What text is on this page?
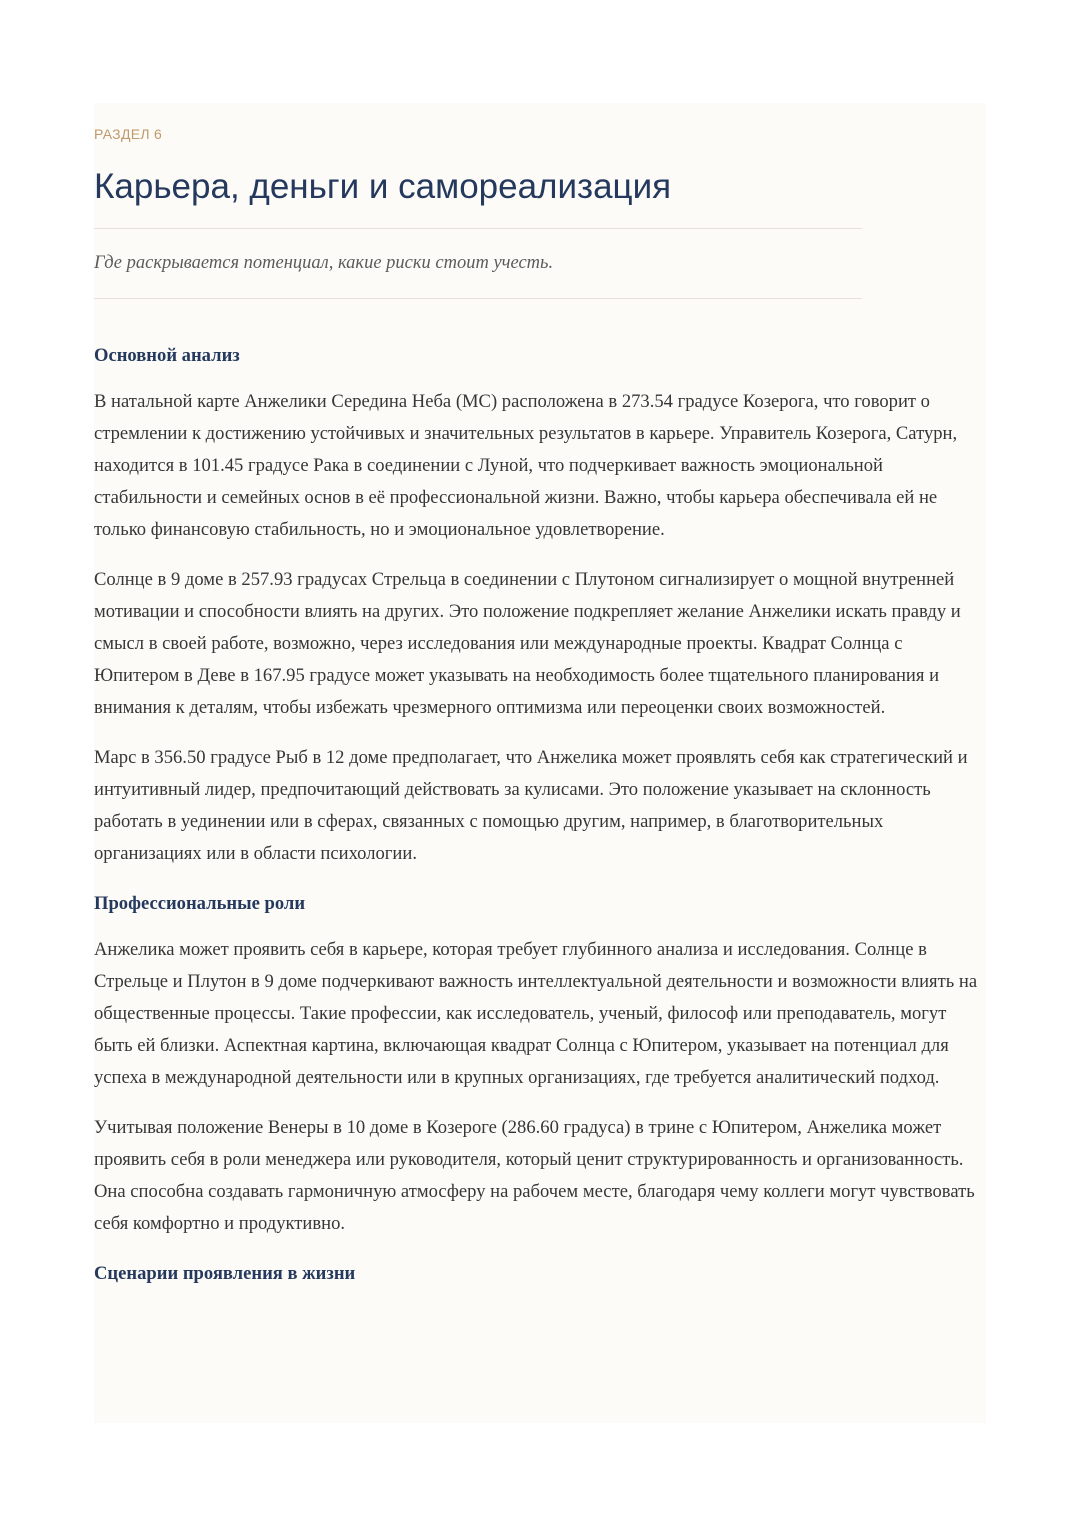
РАЗДЕЛ 6

Карьера, деньги и самореализация

Где раскрывается потенциал, какие риски стоит учесть.

Основной анализ

В натальной карте Анжелики Середина Неба (MC) расположена в 273.54 градусе Козерога, что говорит о стремлении к достижению устойчивых и значительных результатов в карьере. Управитель Козерога, Сатурн, находится в 101.45 градусе Рака в соединении с Луной, что подчеркивает важность эмоциональной стабильности и семейных основ в её профессиональной жизни. Важно, чтобы карьера обеспечивала ей не только финансовую стабильность, но и эмоциональное удовлетворение.

Солнце в 9 доме в 257.93 градусах Стрельца в соединении с Плутоном сигнализирует о мощной внутренней мотивации и способности влиять на других. Это положение подкрепляет желание Анжелики искать правду и смысл в своей работе, возможно, через исследования или международные проекты. Квадрат Солнца с Юпитером в Деве в 167.95 градусе может указывать на необходимость более тщательного планирования и внимания к деталям, чтобы избежать чрезмерного оптимизма или переоценки своих возможностей.

Марс в 356.50 градусе Рыб в 12 доме предполагает, что Анжелика может проявлять себя как стратегический и интуитивный лидер, предпочитающий действовать за кулисами. Это положение указывает на склонность работать в уединении или в сферах, связанных с помощью другим, например, в благотворительных организациях или в области психологии.

Профессиональные роли

Анжелика может проявить себя в карьере, которая требует глубинного анализа и исследования. Солнце в Стрельце и Плутон в 9 доме подчеркивают важность интеллектуальной деятельности и возможности влиять на общественные процессы. Такие профессии, как исследователь, ученый, философ или преподаватель, могут быть ей близки. Аспектная картина, включающая квадрат Солнца с Юпитером, указывает на потенциал для успеха в международной деятельности или в крупных организациях, где требуется аналитический подход.

Учитывая положение Венеры в 10 доме в Козероге (286.60 градуса) в трине с Юпитером, Анжелика может проявить себя в роли менеджера или руководителя, который ценит структурированность и организованность. Она способна создавать гармоничную атмосферу на рабочем месте, благодаря чему коллеги могут чувствовать себя комфортно и продуктивно.

Сценарии проявления в жизни
